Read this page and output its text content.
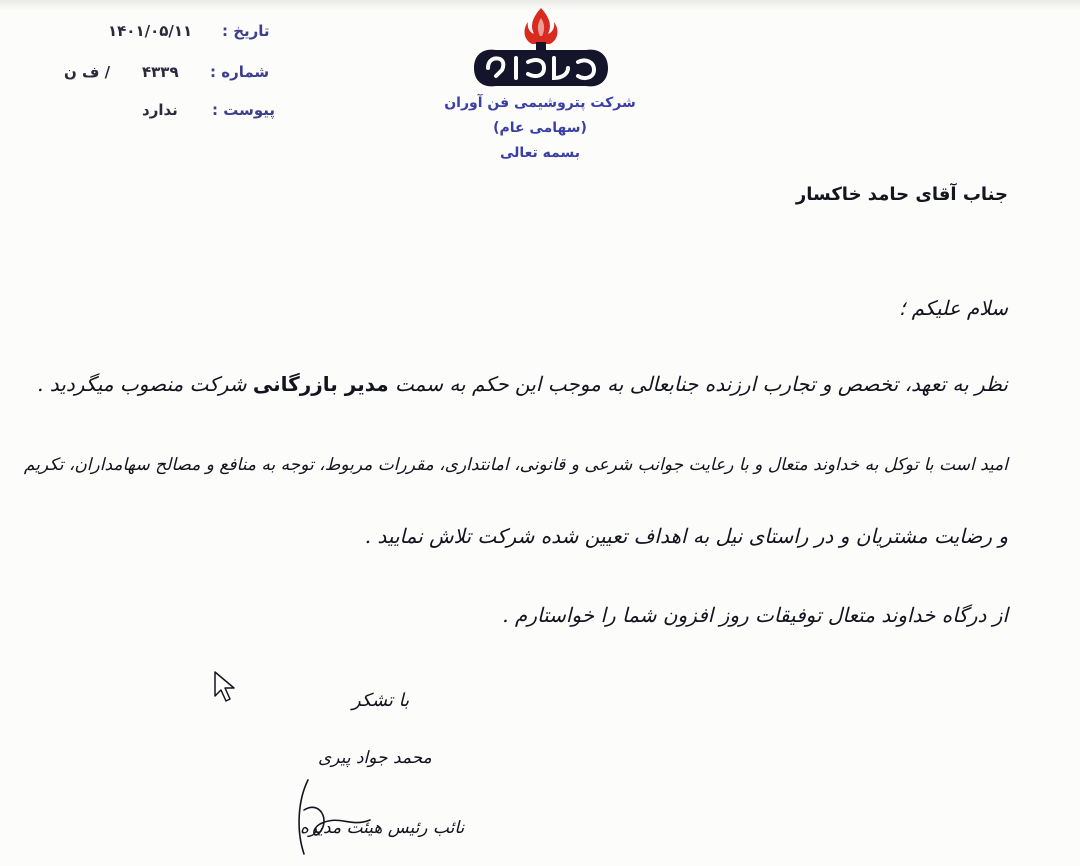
تاریخ :
۱۴۰۱/۰۵/۱۱
شماره :
۴۳۳۹
/ ف ن
پیوست :
ندارد	شرکت پتروشیمی فن آوران
(سهامی عام)
بسمه تعالی
جناب آقای حامد خاکسار
سلام علیکم ؛
نظر به تعهد، تخصص و تجارب ارزنده جنابعالی به موجب این حکم به سمت مدیر بازرگانی شرکت منصوب میگردید .
امید است با توکل به خداوند متعال و با رعایت جوانب شرعی و قانونی، امانتداری، مقررات مربوط، توجه به منافع و مصالح سهامداران، تکریم
و رضایت مشتریان و در راستای نیل به اهداف تعیین شده شرکت تلاش نمایید .
از درگاه خداوند متعال توفیقات روز افزون شما را خواستارم .
با تشکر
محمد جواد پیری
نائب رئیس هیئت مدیره
